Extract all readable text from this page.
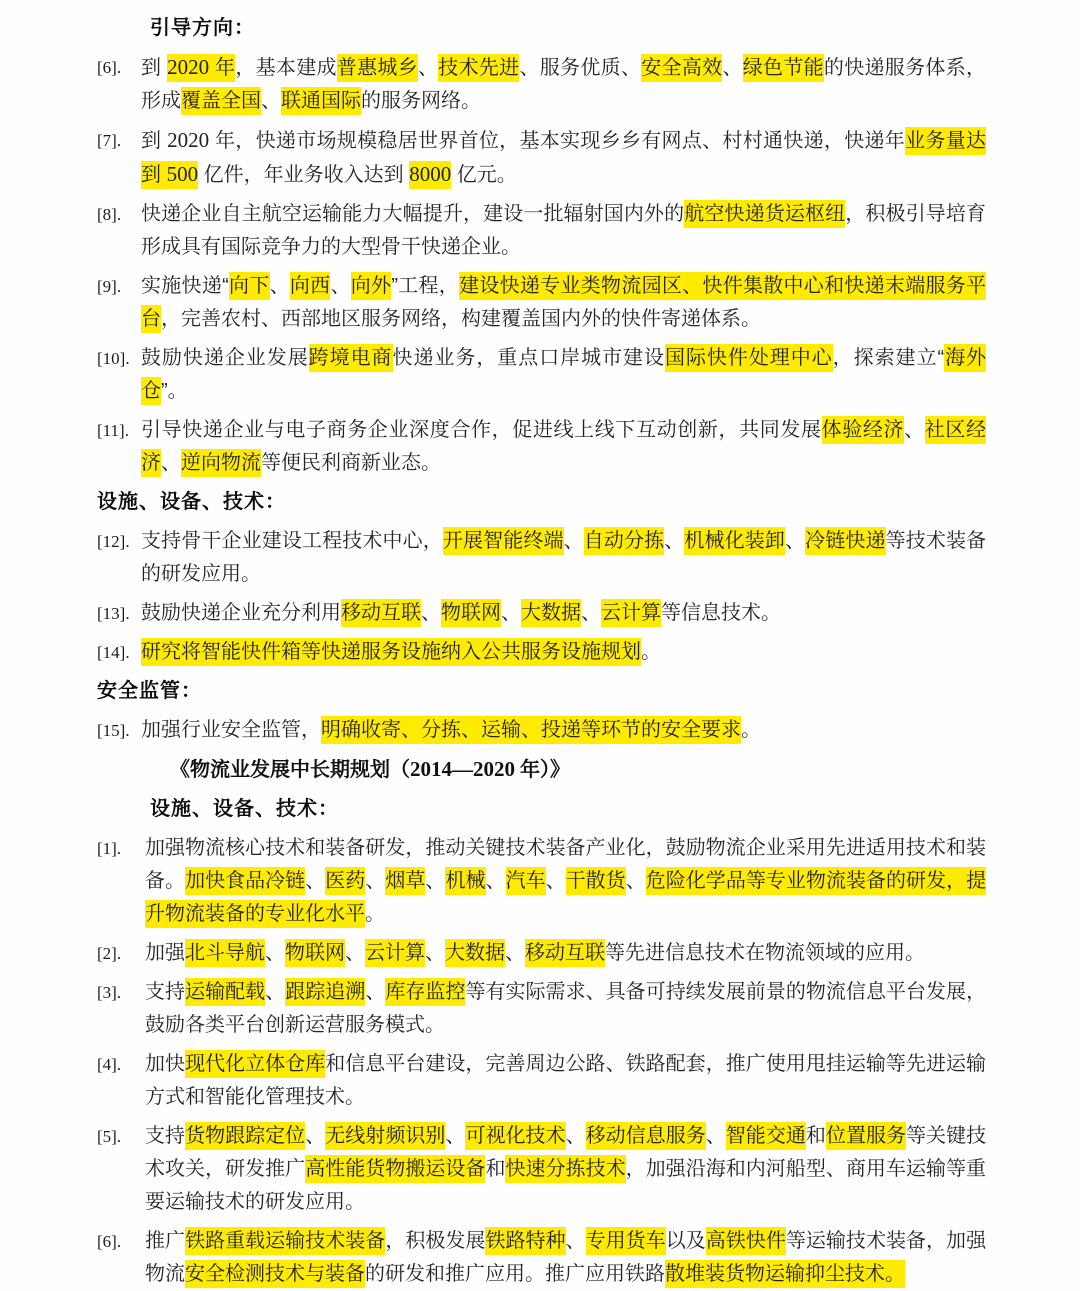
引导方向：
[6]. 到 2020 年，基本建成普惠城乡、技术先进、服务优质、安全高效、绿色节能的快递服务体系，形成覆盖全国、联通国际的服务网络。
[7]. 到 2020 年，快递市场规模稳居世界首位，基本实现乡乡有网点、村村通快递，快递年业务量达到 500 亿件，年业务收入达到 8000 亿元。
[8]. 快递企业自主航空运输能力大幅提升，建设一批辐射国内外的航空快递货运枢纽，积极引导培育形成具有国际竞争力的大型骨干快递企业。
[9]. 实施快递“向下、向西、向外”工程，建设快递专业类物流园区、快件集散中心和快递末端服务平台，完善农村、西部地区服务网络，构建覆盖国内外的快件寄递体系。
[10]. 鼓励快递企业发展跨境电商快递业务，重点口岸城市建设国际快件处理中心，探索建立“海外仓”。
[11]. 引导快递企业与电子商务企业深度合作，促进线上线下互动创新，共同发展体验经济、社区经济、逆向物流等便民利商新业态。
设施、设备、技术：
[12]. 支持骨干企业建设工程技术中心，开展智能终端、自动分拣、机械化装卸、冷链快递等技术装备的研发应用。
[13]. 鼓励快递企业充分利用移动互联、物联网、大数据、云计算等信息技术。
[14]. 研究将智能快件箱等快递服务设施纳入公共服务设施规划。
安全监管：
[15]. 加强行业安全监管，明确收寄、分拣、运输、投递等环节的安全要求。
《物流业发展中长期规划（2014—2020 年）》
设施、设备、技术：
[1].	加强物流核心技术和装备研发，推动关键技术装备产业化，鼓励物流企业采用先进适用技术和装备。加快食品冷链、医药、烟草、机械、汽车、干散货、危险化学品等专业物流装备的研发，提升物流装备的专业化水平。
[2].	加强北斗导航、物联网、云计算、大数据、移动互联等先进信息技术在物流领域的应用。
[3].	支持运输配载、跟踪追溯、库存监控等有实际需求、具备可持续发展前景的物流信息平台发展，鼓励各类平台创新运营服务模式。
[4].	加快现代化立体仓库和信息平台建设，完善周边公路、铁路配套，推广使用甩挂运输等先进运输方式和智能化管理技术。
[5].	支持货物跟踪定位、无线射频识别、可视化技术、移动信息服务、智能交通和位置服务等关键技术攻关，研发推广高性能货物搬运设备和快速分拣技术，加强沿海和内河船型、商用车运输等重要运输技术的研发应用。
[6].	推广铁路重载运输技术装备，积极发展铁路特种、专用货车以及高铁快件等运输技术装备，加强物流安全检测技术与装备的研发和推广应用。推广应用铁路散堆装货物运输抑尘技术。
